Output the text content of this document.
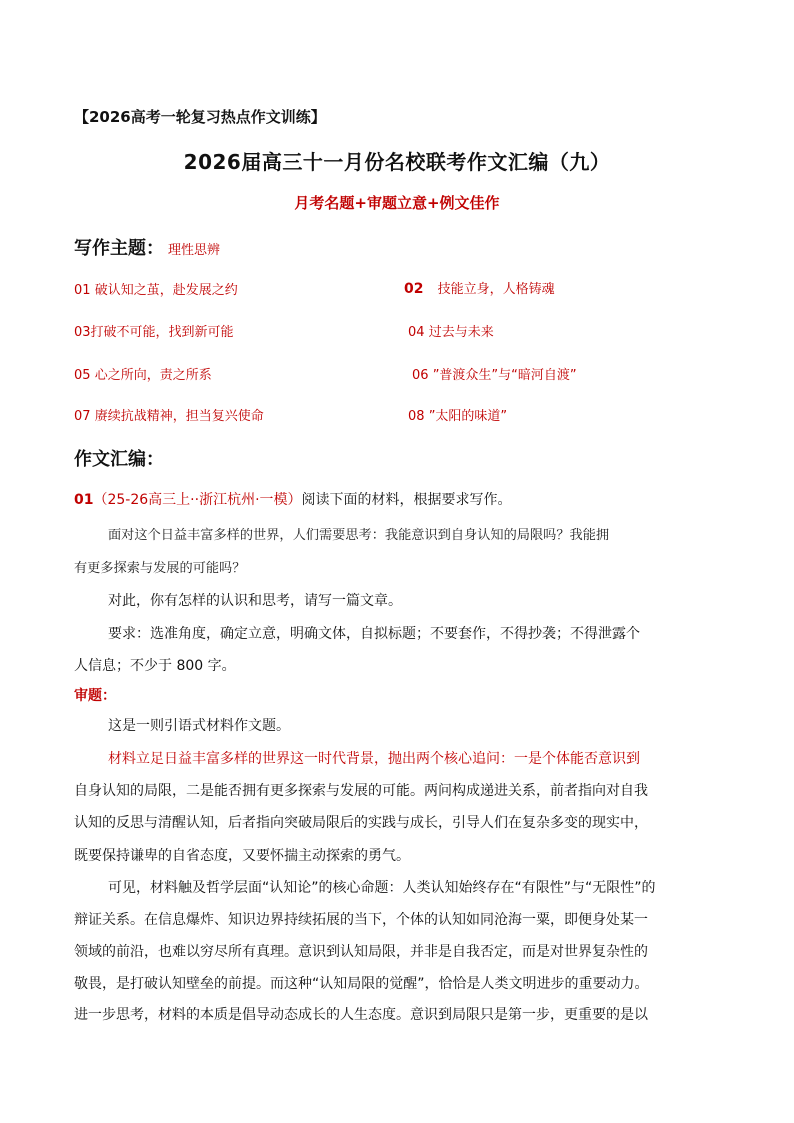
【2026高考一轮复习热点作文训练】
2026届高三十一月份名校联考作文汇编（九）
月考名题+审题立意+例文佳作
写作主题： 理性思辨
01 破认知之茧，赴发展之约	02 技能立身，人格铸魂
03打破不可能，找到新可能	04 过去与未来
05 心之所向，责之所系	06 ”普渡众生”与“暗河自渡”
07 赓续抗战精神，担当复兴使命	08 ”太阳的味道”
作文汇编：
01（25-26高三上··浙江杭州·一模）阅读下面的材料，根据要求写作。
面对这个日益丰富多样的世界，人们需要思考：我能意识到自身认知的局限吗？我能拥
有更多探索与发展的可能吗？
对此，你有怎样的认识和思考，请写一篇文章。
要求：选准角度，确定立意，明确文体，自拟标题；不要套作，不得抄袭；不得泄露个
人信息；不少于 800 字。
审题：
这是一则引语式材料作文题。
材料立足日益丰富多样的世界这一时代背景，抛出两个核心追问：一是个体能否意识到
自身认知的局限，二是能否拥有更多探索与发展的可能。两问构成递进关系，前者指向对自我
认知的反思与清醒认知，后者指向突破局限后的实践与成长，引导人们在复杂多变的现实中，
既要保持谦卑的自省态度，又要怀揣主动探索的勇气。
可见，材料触及哲学层面“认知论”的核心命题：人类认知始终存在“有限性”与“无限性”的
辩证关系。在信息爆炸、知识边界持续拓展的当下，个体的认知如同沧海一粟，即便身处某一
领域的前沿，也难以穷尽所有真理。意识到认知局限，并非是自我否定，而是对世界复杂性的
敬畏，是打破认知壁垒的前提。而这种“认知局限的觉醒”，恰恰是人类文明进步的重要动力。
进一步思考，材料的本质是倡导动态成长的人生态度。意识到局限只是第一步，更重要的是以
